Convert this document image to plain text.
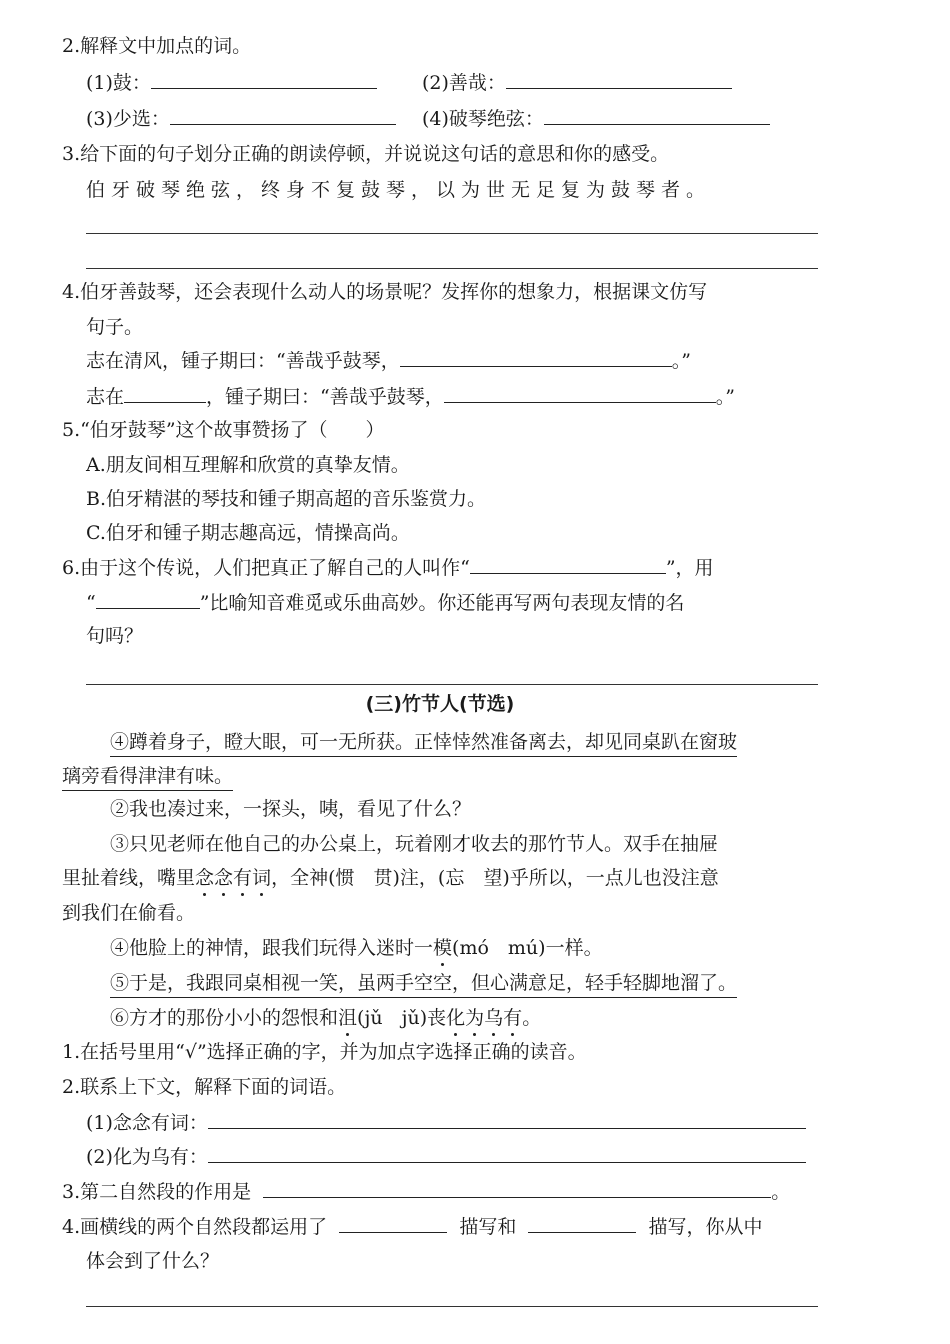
2.解释文中加点的词。
(1)鼓：	(2)善哉：
(3)少选：	(4)破琴绝弦：
3.给下面的句子划分正确的朗读停顿，并说说这句话的意思和你的感受。
伯牙破琴绝弦，终身不复鼓琴，以为世无足复为鼓琴者。
4.伯牙善鼓琴，还会表现什么动人的场景呢？发挥你的想象力，根据课文仿写
句子。
志在清风，锺子期曰：“善哉乎鼓琴，	。”
志在	，锺子期曰：“善哉乎鼓琴，	。”
5.“伯牙鼓琴”这个故事赞扬了（　　）
A.朋友间相互理解和欣赏的真挚友情。
B.伯牙精湛的琴技和锺子期高超的音乐鉴赏力。
C.伯牙和锺子期志趣高远，情操高尚。
6.由于这个传说，人们把真正了解自己的人叫作“	”，用
“	”比喻知音难觅或乐曲高妙。你还能再写两句表现友情的名
句吗？
(三)竹节人(节选)
④蹲着身子，瞪大眼，可一无所获。正悻悻然准备离去，却见同桌趴在窗玻
璃旁看得津津有味。
②我也凑过来，一探头，咦，看见了什么？
③只见老师在他自己的办公桌上，玩着刚才收去的那竹节人。双手在抽屉
里扯着线，嘴里念念有词，全神(惯　贯)注，(忘　望)乎所以，一点儿也没注意
到我们在偷看。
④他脸上的神情，跟我们玩得入迷时一模(mó　mú)一样。
⑤于是，我跟同桌相视一笑，虽两手空空，但心满意足，轻手轻脚地溜了。
⑥方才的那份小小的怨恨和沮(jǔ　jǔ)丧化为乌有。
1.在括号里用“√”选择正确的字，并为加点字选择正确的读音。
2.联系上下文，解释下面的词语。
(1)念念有词：
(2)化为乌有：
3.第二自然段的作用是	。
4.画横线的两个自然段都运用了	描写和	描写，你从中
体会到了什么？
